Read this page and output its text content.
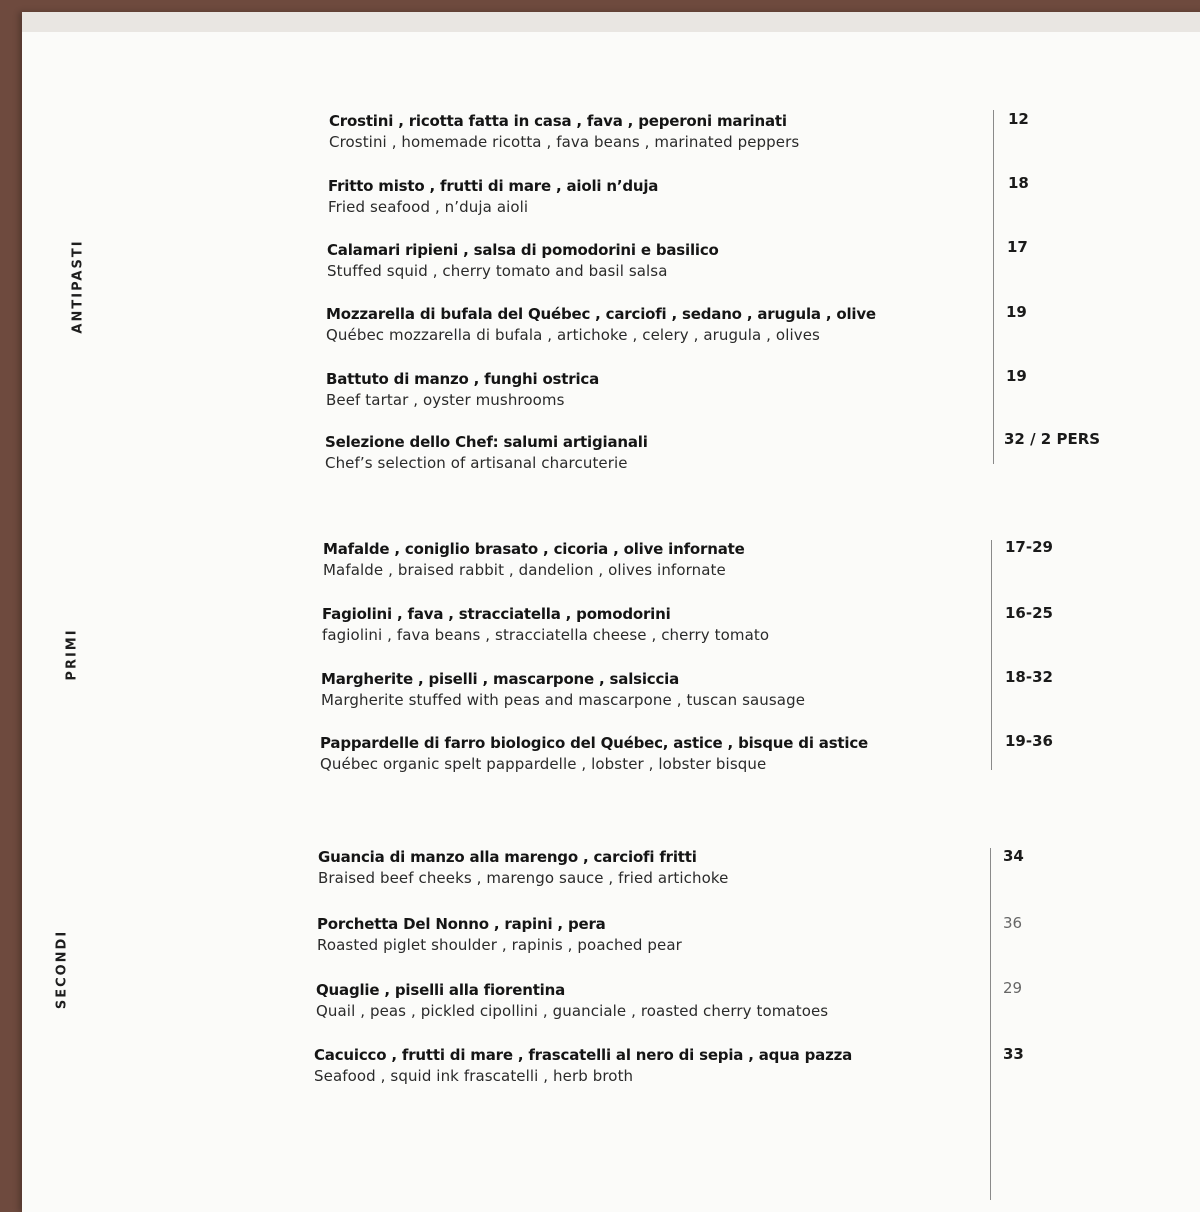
ANTIPASTI
PRIMI
SECONDI
Crostini , ricotta fatta in casa , fava , peperoni marinati
Crostini , homemade ricotta , fava beans , marinated peppers
12
Fritto misto , frutti di mare , aioli n’duja
Fried seafood , n’duja aioli
18
Calamari ripieni , salsa di pomodorini e basilico
Stuffed squid , cherry tomato and basil salsa
17
Mozzarella di bufala del Québec , carciofi , sedano , arugula , olive
Québec mozzarella di bufala , artichoke , celery , arugula , olives
19
Battuto di manzo , funghi ostrica
Beef tartar , oyster mushrooms
19
Selezione dello Chef: salumi artigianali
Chef’s selection of artisanal charcuterie
32 / 2 PERS
Mafalde , coniglio brasato , cicoria , olive infornate
Mafalde , braised rabbit , dandelion , olives infornate
17-29
Fagiolini , fava , stracciatella , pomodorini
fagiolini , fava beans , stracciatella cheese , cherry tomato
16-25
Margherite , piselli , mascarpone , salsiccia
Margherite stuffed with peas and mascarpone , tuscan sausage
18-32
Pappardelle di farro biologico del Québec, astice , bisque di astice
Québec organic spelt pappardelle , lobster , lobster bisque
19-36
Guancia di manzo alla marengo , carciofi fritti
Braised beef cheeks , marengo sauce , fried artichoke
34
Porchetta Del Nonno , rapini , pera
Roasted piglet shoulder , rapinis , poached pear
36
Quaglie , piselli alla fiorentina
Quail , peas , pickled cipollini , guanciale , roasted cherry tomatoes
29
Cacuicco , frutti di mare , frascatelli al nero di sepia , aqua pazza
Seafood , squid ink frascatelli , herb broth
33
